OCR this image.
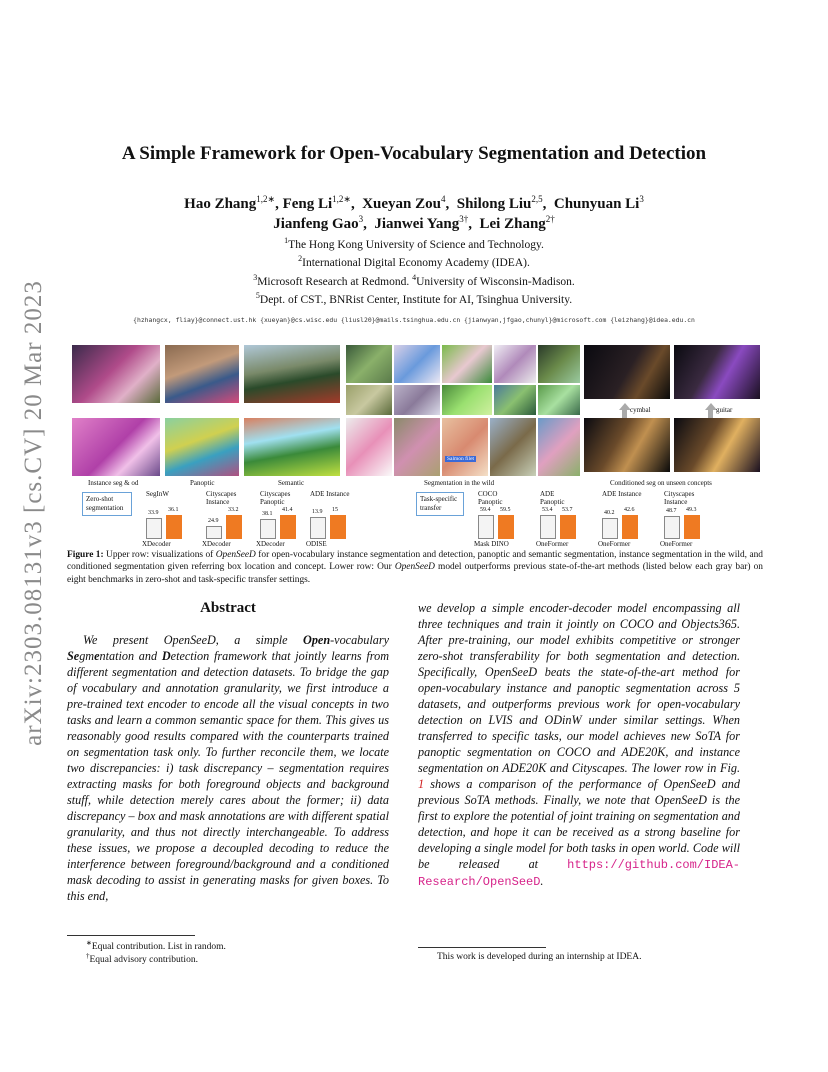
arXiv:2303.08131v3 [cs.CV] 20 Mar 2023
A Simple Framework for Open-Vocabulary Segmentation and Detection
Hao Zhang$^{1,2∗}$, Feng $Li^{1,2∗}$,  Xueyan Zou$^4$,  Shilong Liu$^{2,5}$,  Chunyuan Li$^3$
Jianfeng Gao$^3$,  Jianwei Yang$^{3\dagger}$,  Lei Zhang$^{2\dagger}$
$^1$The Hong Kong University of Science and Technology.
$^2$International Digital Economy Academy (IDEA).
$^3$Microsoft Research at Redmond. $^4$University of Wisconsin-Madison.
$^5$Dept. of CST., BNRist Center, Institute for AI, Tsinghua University.
{hzhangcx, fliay}@connect.ust.hk {xueyan}@cs.wisc.edu {liusl20}@mails.tsinghua.edu.cn {jianwyan,jfgao,chunyl}@microsoft.com {leizhang}@idea.edu.cn
Salmon filet
cymbal	guitar
Instance seg & od	Panoptic	Semantic	Segmentation in the wild	Conditioned seg on unseen concepts
Zero-shot segmentation
Task-specific transfer
33.9 36.1
SegInW
XDecoder
24.9
33.2
Cityscapes Instance
XDecoder
38.1
41.4
Cityscapes Panoptic
XDecoder
13.9 15
ADE Instance
ODISE
59.4 59.5
COCO Panoptic
Mask DINO
53.4 53.7
ADE Panoptic
OneFormer
40.2 42.6
ADE Instance
OneFormer
48.7 49.3
Cityscapes Instance
OneFormer
Figure 1: Upper row: visualizations of OpenSeeD for open-vocabulary instance segmentation and detection, panoptic and semantic segmentation, instance segmentation in the wild, and conditioned segmentation given referring box location and concept. Lower row: Our OpenSeeD model outperforms previous state-of-the-art methods (listed below each gray bar) on eight benchmarks in zero-shot and task-specific transfer settings.
Abstract
We present OpenSeeD, a simple Open-vocabulary Segmentation and Detection framework that jointly learns from different segmentation and detection datasets. To bridge the gap of vocabulary and annotation granularity, we first introduce a pre-trained text encoder to encode all the visual concepts in two tasks and learn a common semantic space for them. This gives us reasonably good results compared with the counterparts trained on segmentation task only. To further reconcile them, we locate two discrepancies: i) task discrepancy – segmentation requires extracting masks for both foreground objects and background stuff, while detection merely cares about the former; ii) data discrepancy – box and mask annotations are with different spatial granularity, and thus not directly interchangeable. To address these issues, we propose a decoupled decoding to reduce the interference between foreground/background and a conditioned mask decoding to assist in generating masks for given boxes. To this end,
we develop a simple encoder-decoder model encompassing all three techniques and train it jointly on COCO and Objects365. After pre-training, our model exhibits competitive or stronger zero-shot transferability for both segmentation and detection. Specifically, OpenSeeD beats the state-of-the-art method for open-vocabulary instance and panoptic segmentation across 5 datasets, and outperforms previous work for open-vocabulary detection on LVIS and ODinW under similar settings. When transferred to specific tasks, our model achieves new SoTA for panoptic segmentation on COCO and ADE20K, and instance segmentation on ADE20K and Cityscapes. The lower row in Fig. 1 shows a comparison of the performance of OpenSeeD and previous SoTA methods. Finally, we note that OpenSeeD is the first to explore the potential of joint training on segmentation and detection, and hope it can be received as a strong baseline for developing a single model for both tasks in open world. Code will be released at https://github.com/IDEA-Research/OpenSeeD.
∗Equal contribution. List in random.
†Equal advisory contribution.	This work is developed during an internship at IDEA.
